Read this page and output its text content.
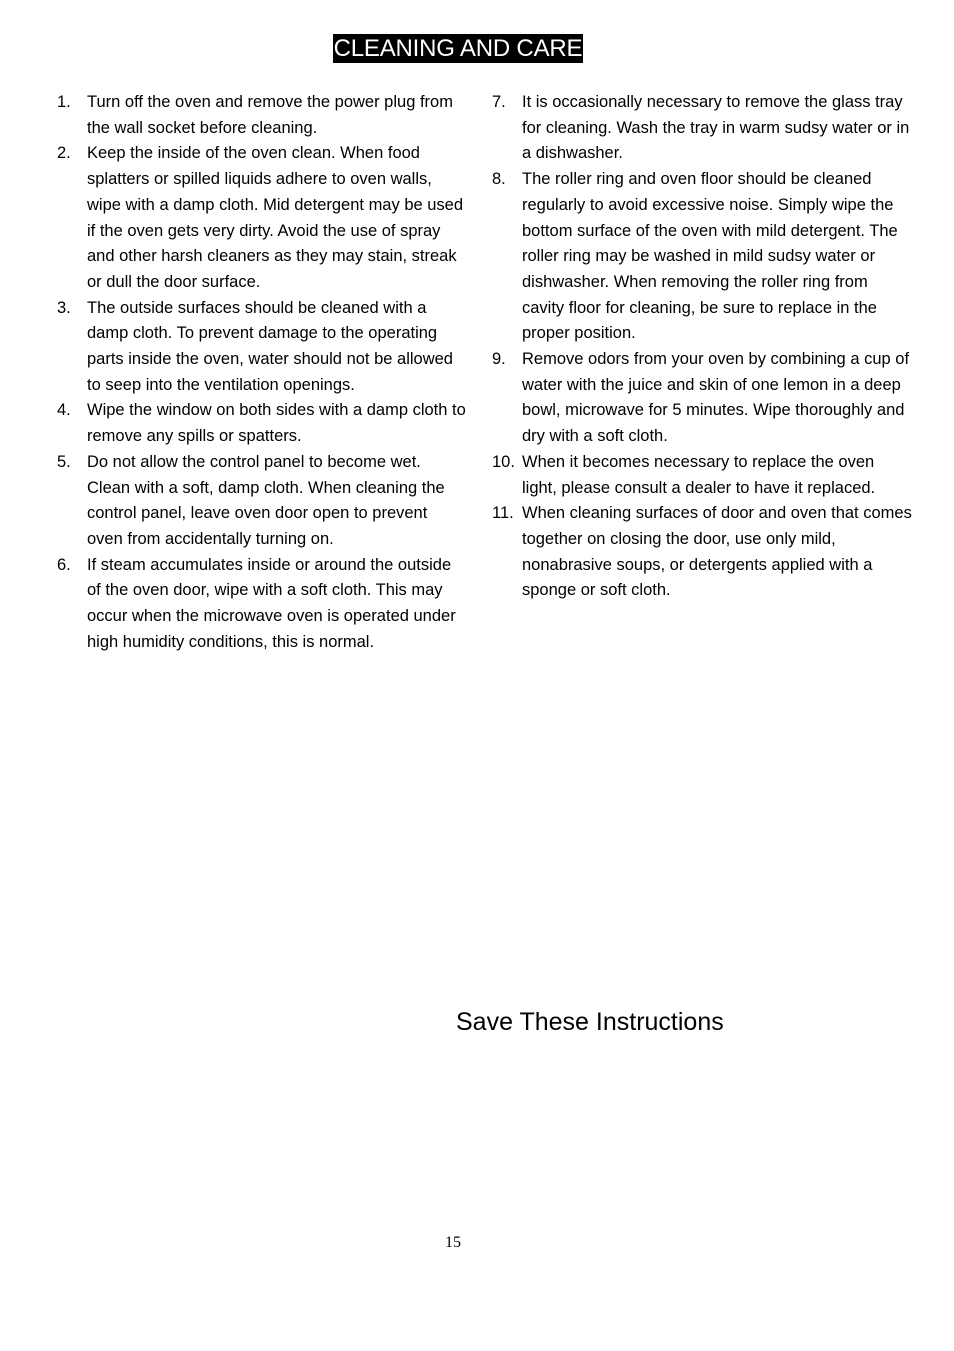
CLEANING AND CARE
1. Turn off the oven and remove the power plug from the wall socket before cleaning.
2. Keep the inside of the oven clean. When food splatters or spilled liquids adhere to oven walls, wipe with a damp cloth. Mid detergent may be used if the oven gets very dirty. Avoid the use of spray and other harsh cleaners as they may stain, streak or dull the door surface.
3. The outside surfaces should be cleaned with a damp cloth. To prevent damage to the operating parts inside the oven, water should not be allowed to seep into the ventilation openings.
4. Wipe the window on both sides with a damp cloth to remove any spills or spatters.
5. Do not allow the control panel to become wet. Clean with a soft, damp cloth. When cleaning the control panel, leave oven door open to prevent oven from accidentally turning on.
6. If steam accumulates inside or around the outside of the oven door, wipe with a soft cloth. This may occur when the microwave oven is operated under high humidity conditions, this is normal.
7. It is occasionally necessary to remove the glass tray for cleaning. Wash the tray in warm sudsy water or in a dishwasher.
8. The roller ring and oven floor should be cleaned regularly to avoid excessive noise. Simply wipe the bottom surface of the oven with mild detergent. The roller ring may be washed in mild sudsy water or dishwasher. When removing the roller ring from cavity floor for cleaning, be sure to replace in the proper position.
9. Remove odors from your oven by combining a cup of water with the juice and skin of one lemon in a deep bowl, microwave for 5 minutes. Wipe thoroughly and dry with a soft cloth.
10. When it becomes necessary to replace the oven light, please consult a dealer to have it replaced.
11. When cleaning surfaces of door and oven that comes together on closing the door, use only mild, nonabrasive soups, or detergents applied with a sponge or soft cloth.
Save These Instructions
15
